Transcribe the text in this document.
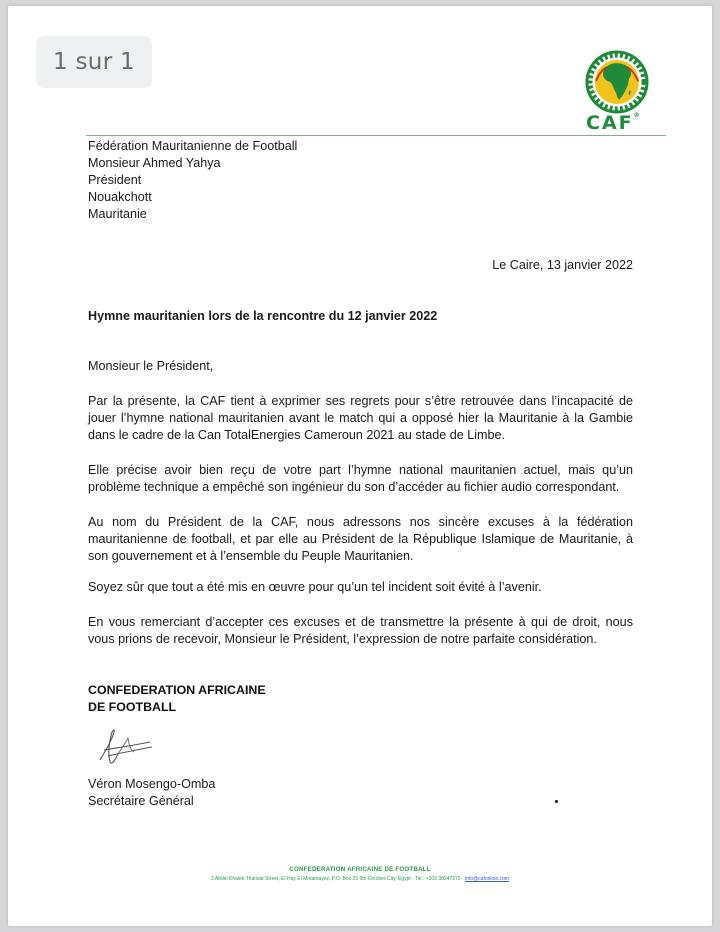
1 sur 1
CAF®
Fédération Mauritanienne de Football
Monsieur Ahmed Yahya
Président
Nouakchott
Mauritanie
Le Caire, 13 janvier 2022
Hymne mauritanien lors de la rencontre du 12 janvier 2022
Monsieur le Président,
Par la présente, la CAF tient à exprimer ses regrets pour s’être retrouvée dans l’incapacité de jouer l’hymne national mauritanien avant le match qui a opposé hier la Mauritanie à la Gambie dans le cadre de la Can TotalEnergies Cameroun 2021 au stade de Limbe.
Elle précise avoir bien reçu de votre part l’hymne national mauritanien actuel, mais qu’un problème technique a empêché son ingénieur du son d’accéder au fichier audio correspondant.
Au nom du Président de la CAF, nous adressons nos sincère excuses à la fédération mauritanienne de football, et par elle au Président de la République Islamique de Mauritanie, à son gouvernement et à l’ensemble du Peuple Mauritanien.
Soyez sûr que tout a été mis en œuvre pour qu’un tel incident soit évité à l’avenir.
En vous remerciant d’accepter ces excuses et de transmettre la présente à qui de droit, nous vous prions de recevoir, Monsieur le Président, l’expression de notre parfaite considération.
CONFEDERATION AFRICAINE
DE FOOTBALL
Véron Mosengo-Omba
Secrétaire Général
CONFEDERATION AFRICAINE DE FOOTBALL
3 Abdel Khalek Tharwat Street, El Hay El Motamayez, P.O. Box 23 6th October City, Egypt - Tel.: +202 38247272 - info@cafonline.com
